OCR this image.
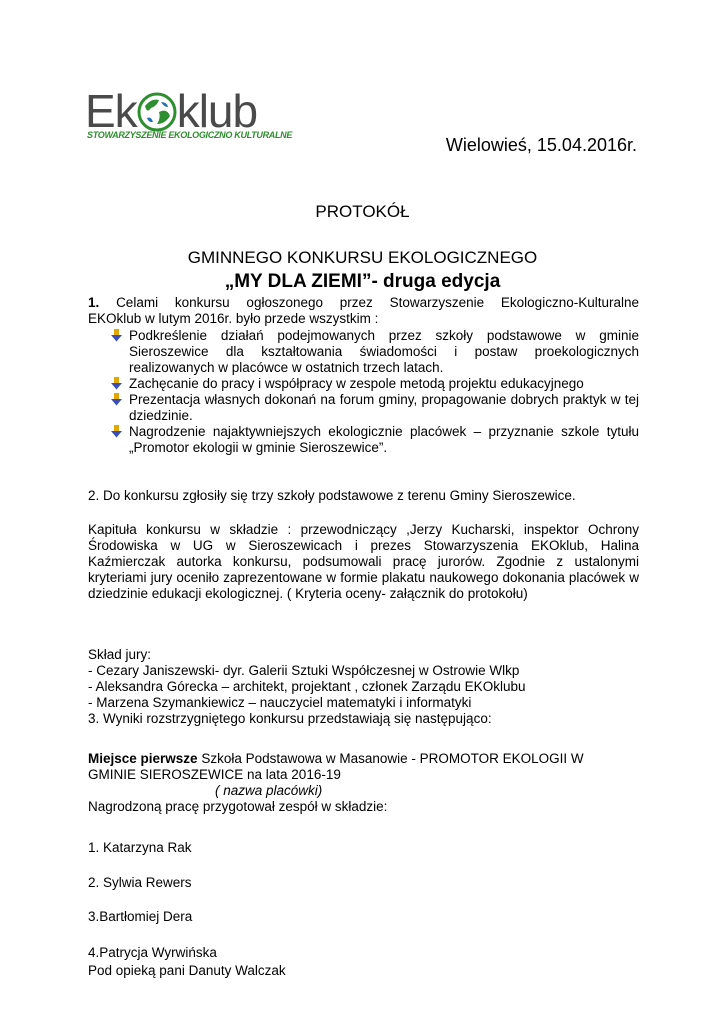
Ek klub
STOWARZYSZENIE EKOLOGICZNO KULTURALNE	Wielowieś, 15.04.2016r.
PROTOKÓŁ
GMINNEGO KONKURSU EKOLOGICZNEGO
„MY DLA ZIEMI”- druga edycja

1. Celami konkursu ogłoszonego przez Stowarzyszenie Ekologiczno-Kulturalne

EKOklub w lutym 2016r. było przede wszystkim :

Podkreślenie działań podejmowanych przez szkoły podstawowe w gminie Sieroszewice dla kształtowania świadomości i postaw proekologicznych realizowanych w placówce w ostatnich trzech latach.

Zachęcanie do pracy i współpracy w zespole metodą projektu edukacyjnego

Prezentacja własnych dokonań na forum gminy, propagowanie dobrych praktyk w tej dziedzinie.

Nagrodzenie najaktywniejszych ekologicznie placówek – przyznanie szkole tytułu „Promotor ekologii w gminie Sieroszewice”.

2. Do konkursu zgłosiły się trzy szkoły podstawowe z terenu Gminy Sieroszewice.

Kapituła konkursu w składzie : przewodniczący ,Jerzy Kucharski, inspektor Ochrony Środowiska w UG w Sieroszewicach i prezes Stowarzyszenia EKOklub, Halina Kaźmierczak autorka konkursu, podsumowali pracę jurorów. Zgodnie z ustalonymi kryteriami jury oceniło zaprezentowane w formie plakatu naukowego dokonania placówek w dziedzinie edukacji ekologicznej. ( Kryteria oceny- załącznik do protokołu)

Skład jury:
- Cezary Janiszewski- dyr. Galerii Sztuki Współczesnej w Ostrowie Wlkp
- Aleksandra Górecka – architekt, projektant , członek Zarządu EKOklubu
- Marzena Szymankiewicz – nauczyciel matematyki i informatyki
3. Wyniki rozstrzygniętego konkursu przedstawiają się następująco:
Miejsce pierwsze Szkoła Podstawowa w Masanowie - PROMOTOR EKOLOGII W
GMINIE SIEROSZEWICE na lata 2016-19
( nazwa placówki)
Nagrodzoną pracę przygotował zespół w składzie:
1. Katarzyna Rak
2. Sylwia Rewers
3.Bartłomiej Dera
4.Patrycja Wyrwińska
Pod opieką pani Danuty Walczak
